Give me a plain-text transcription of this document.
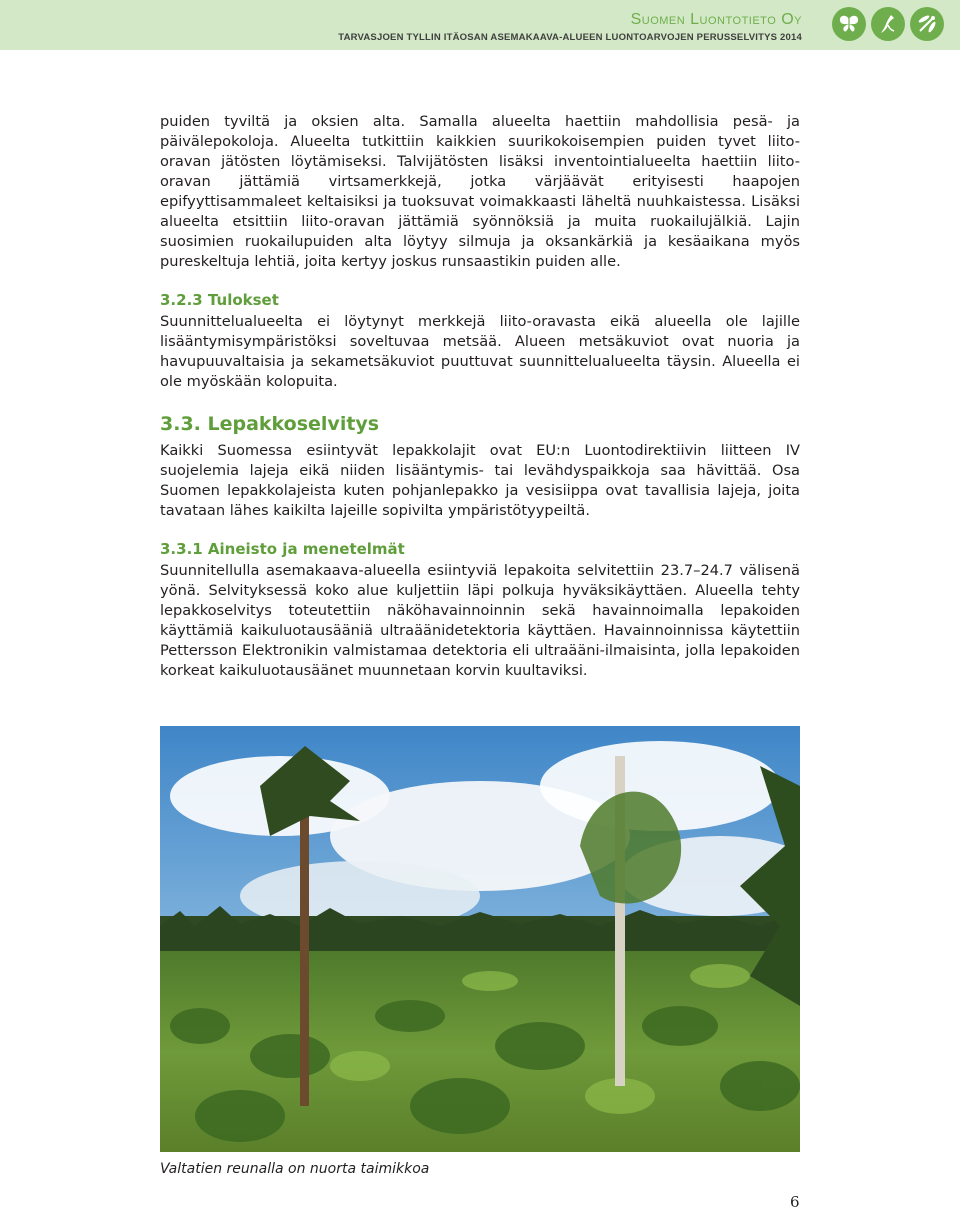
Suomen Luontotieto Oy
TARVASJOEN TYLLIN ITÄOSAN ASEMAKAAVA-ALUEEN LUONTOARVOJEN PERUSSELVITYS 2014

puiden tyviltä ja oksien alta. Samalla alueelta haettiin mahdollisia pesä- ja päivälepokoloja. Alueelta tutkittiin kaikkien suurikokoisempien puiden tyvet liito-oravan jätösten löytämiseksi. Talvijätösten lisäksi inventointialueelta haettiin liito-oravan jättämiä virtsamerkkejä, jotka värjäävät erityisesti haapojen epifyyttisammaleet keltaisiksi ja tuoksuvat voimakkaasti läheltä nuuhkaistessa. Lisäksi alueelta etsittiin liito-oravan jättämiä syönnöksiä ja muita ruokailujälkiä. Lajin suosimien ruokailupuiden alta löytyy silmuja ja oksankärkiä ja kesäaikana myös pureskeltuja lehtiä, joita kertyy joskus runsaastikin puiden alle.

3.2.3 Tulokset

Suunnittelualueelta ei löytynyt merkkejä liito-oravasta eikä alueella ole lajille lisääntymisympäristöksi soveltuvaa metsää. Alueen metsäkuviot ovat nuoria ja havupuuvaltaisia ja sekametsäkuviot puuttuvat suunnittelualueelta täysin. Alueella ei ole myöskään kolopuita.

3.3. Lepakkoselvitys

Kaikki Suomessa esiintyvät lepakkolajit ovat EU:n Luontodirektiivin liitteen IV suojelemia lajeja eikä niiden lisääntymis- tai levähdyspaikkoja saa hävittää. Osa Suomen lepakkolajeista kuten pohjanlepakko ja vesisiippa ovat tavallisia lajeja, joita tavataan lähes kaikilta lajeille sopivilta ympäristötyypeiltä.

3.3.1 Aineisto ja menetelmät

Suunnitellulla asemakaava-alueella esiintyviä lepakoita selvitettiin 23.7–24.7 välisenä yönä. Selvityksessä koko alue kuljettiin läpi polkuja hyväksikäyttäen. Alueella tehty lepakkoselvitys toteutettiin näköhavainnoinnin sekä havainnoimalla lepakoiden käyttämiä kaikuluotausääniä ultraäänidetektoria käyttäen. Havainnoinnissa käytettiin Pettersson Elektronikin valmistamaa detektoria eli ultraääni-ilmaisinta, jolla lepakoiden korkeat kaikuluotausäänet muunnetaan korvin kuultaviksi.

Valtatien reunalla on nuorta taimikkoa
6
